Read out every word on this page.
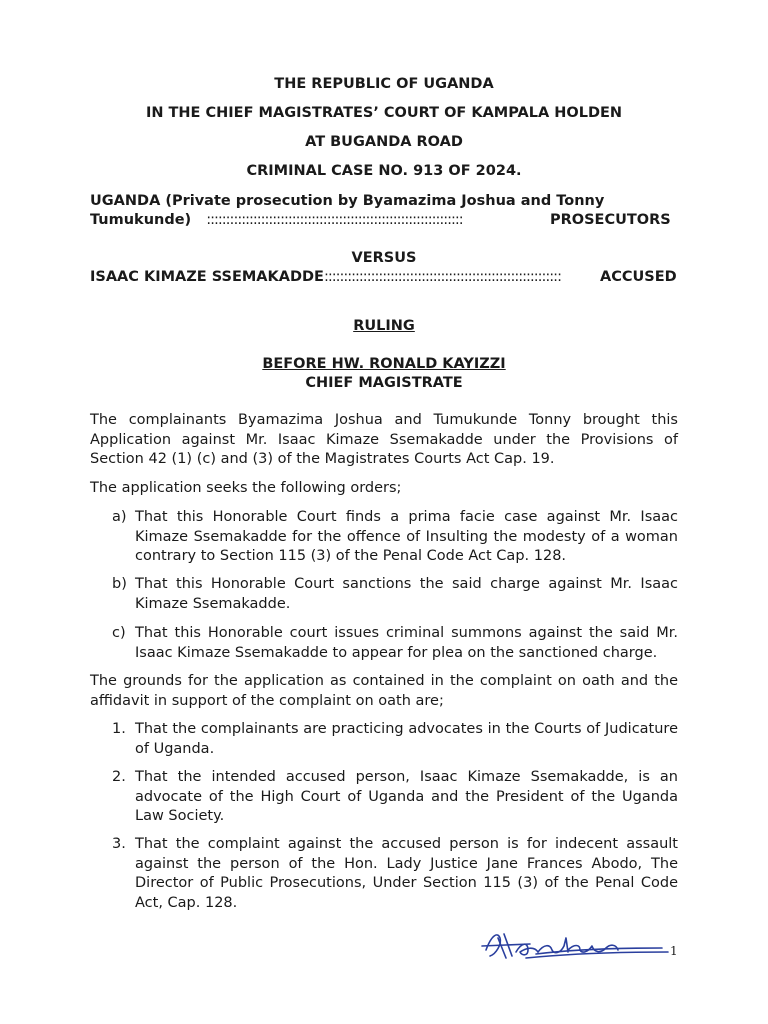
THE REPUBLIC OF UGANDA
IN THE CHIEF MAGISTRATES’ COURT OF KAMPALA HOLDEN
AT BUGANDA ROAD
CRIMINAL CASE NO. 913 OF 2024.
UGANDA (Private prosecution by Byamazima Joshua and Tonny
Tumukunde) ::::::::::::::::::::::::::::::::::::::::::::::::::::::::::::::::::	PROSECUTORS
VERSUS
ISAAC KIMAZE SSEMAKADDE:::::::::::::::::::::::::::::::::::::::::::::::::::::::::::::	ACCUSED
RULING
BEFORE HW. RONALD KAYIZZI
CHIEF MAGISTRATE
The complainants Byamazima Joshua and Tumukunde Tonny brought this Application against Mr. Isaac Kimaze Ssemakadde under the Provisions of Section 42 (1) (c) and (3) of the Magistrates Courts Act Cap. 19.
The application seeks the following orders;
a) That this Honorable Court finds a prima facie case against Mr. Isaac Kimaze Ssemakadde for the offence of Insulting the modesty of a woman contrary to Section 115 (3) of the Penal Code Act Cap. 128.
b) That this Honorable Court sanctions the said charge against Mr. Isaac Kimaze Ssemakadde.
c) That this Honorable court issues criminal summons against the said Mr. Isaac Kimaze Ssemakadde to appear for plea on the sanctioned charge.
The grounds for the application as contained in the complaint on oath and the affidavit in support of the complaint on oath are;
1. That the complainants are practicing advocates in the Courts of Judicature of Uganda.
2. That the intended accused person, Isaac Kimaze Ssemakadde, is an advocate of the High Court of Uganda and the President of the Uganda Law Society.
3. That the complaint against the accused person is for indecent assault against the person of the Hon. Lady Justice Jane Frances Abodo, The Director of Public Prosecutions, Under Section 115 (3) of the Penal Code Act, Cap. 128.
1
